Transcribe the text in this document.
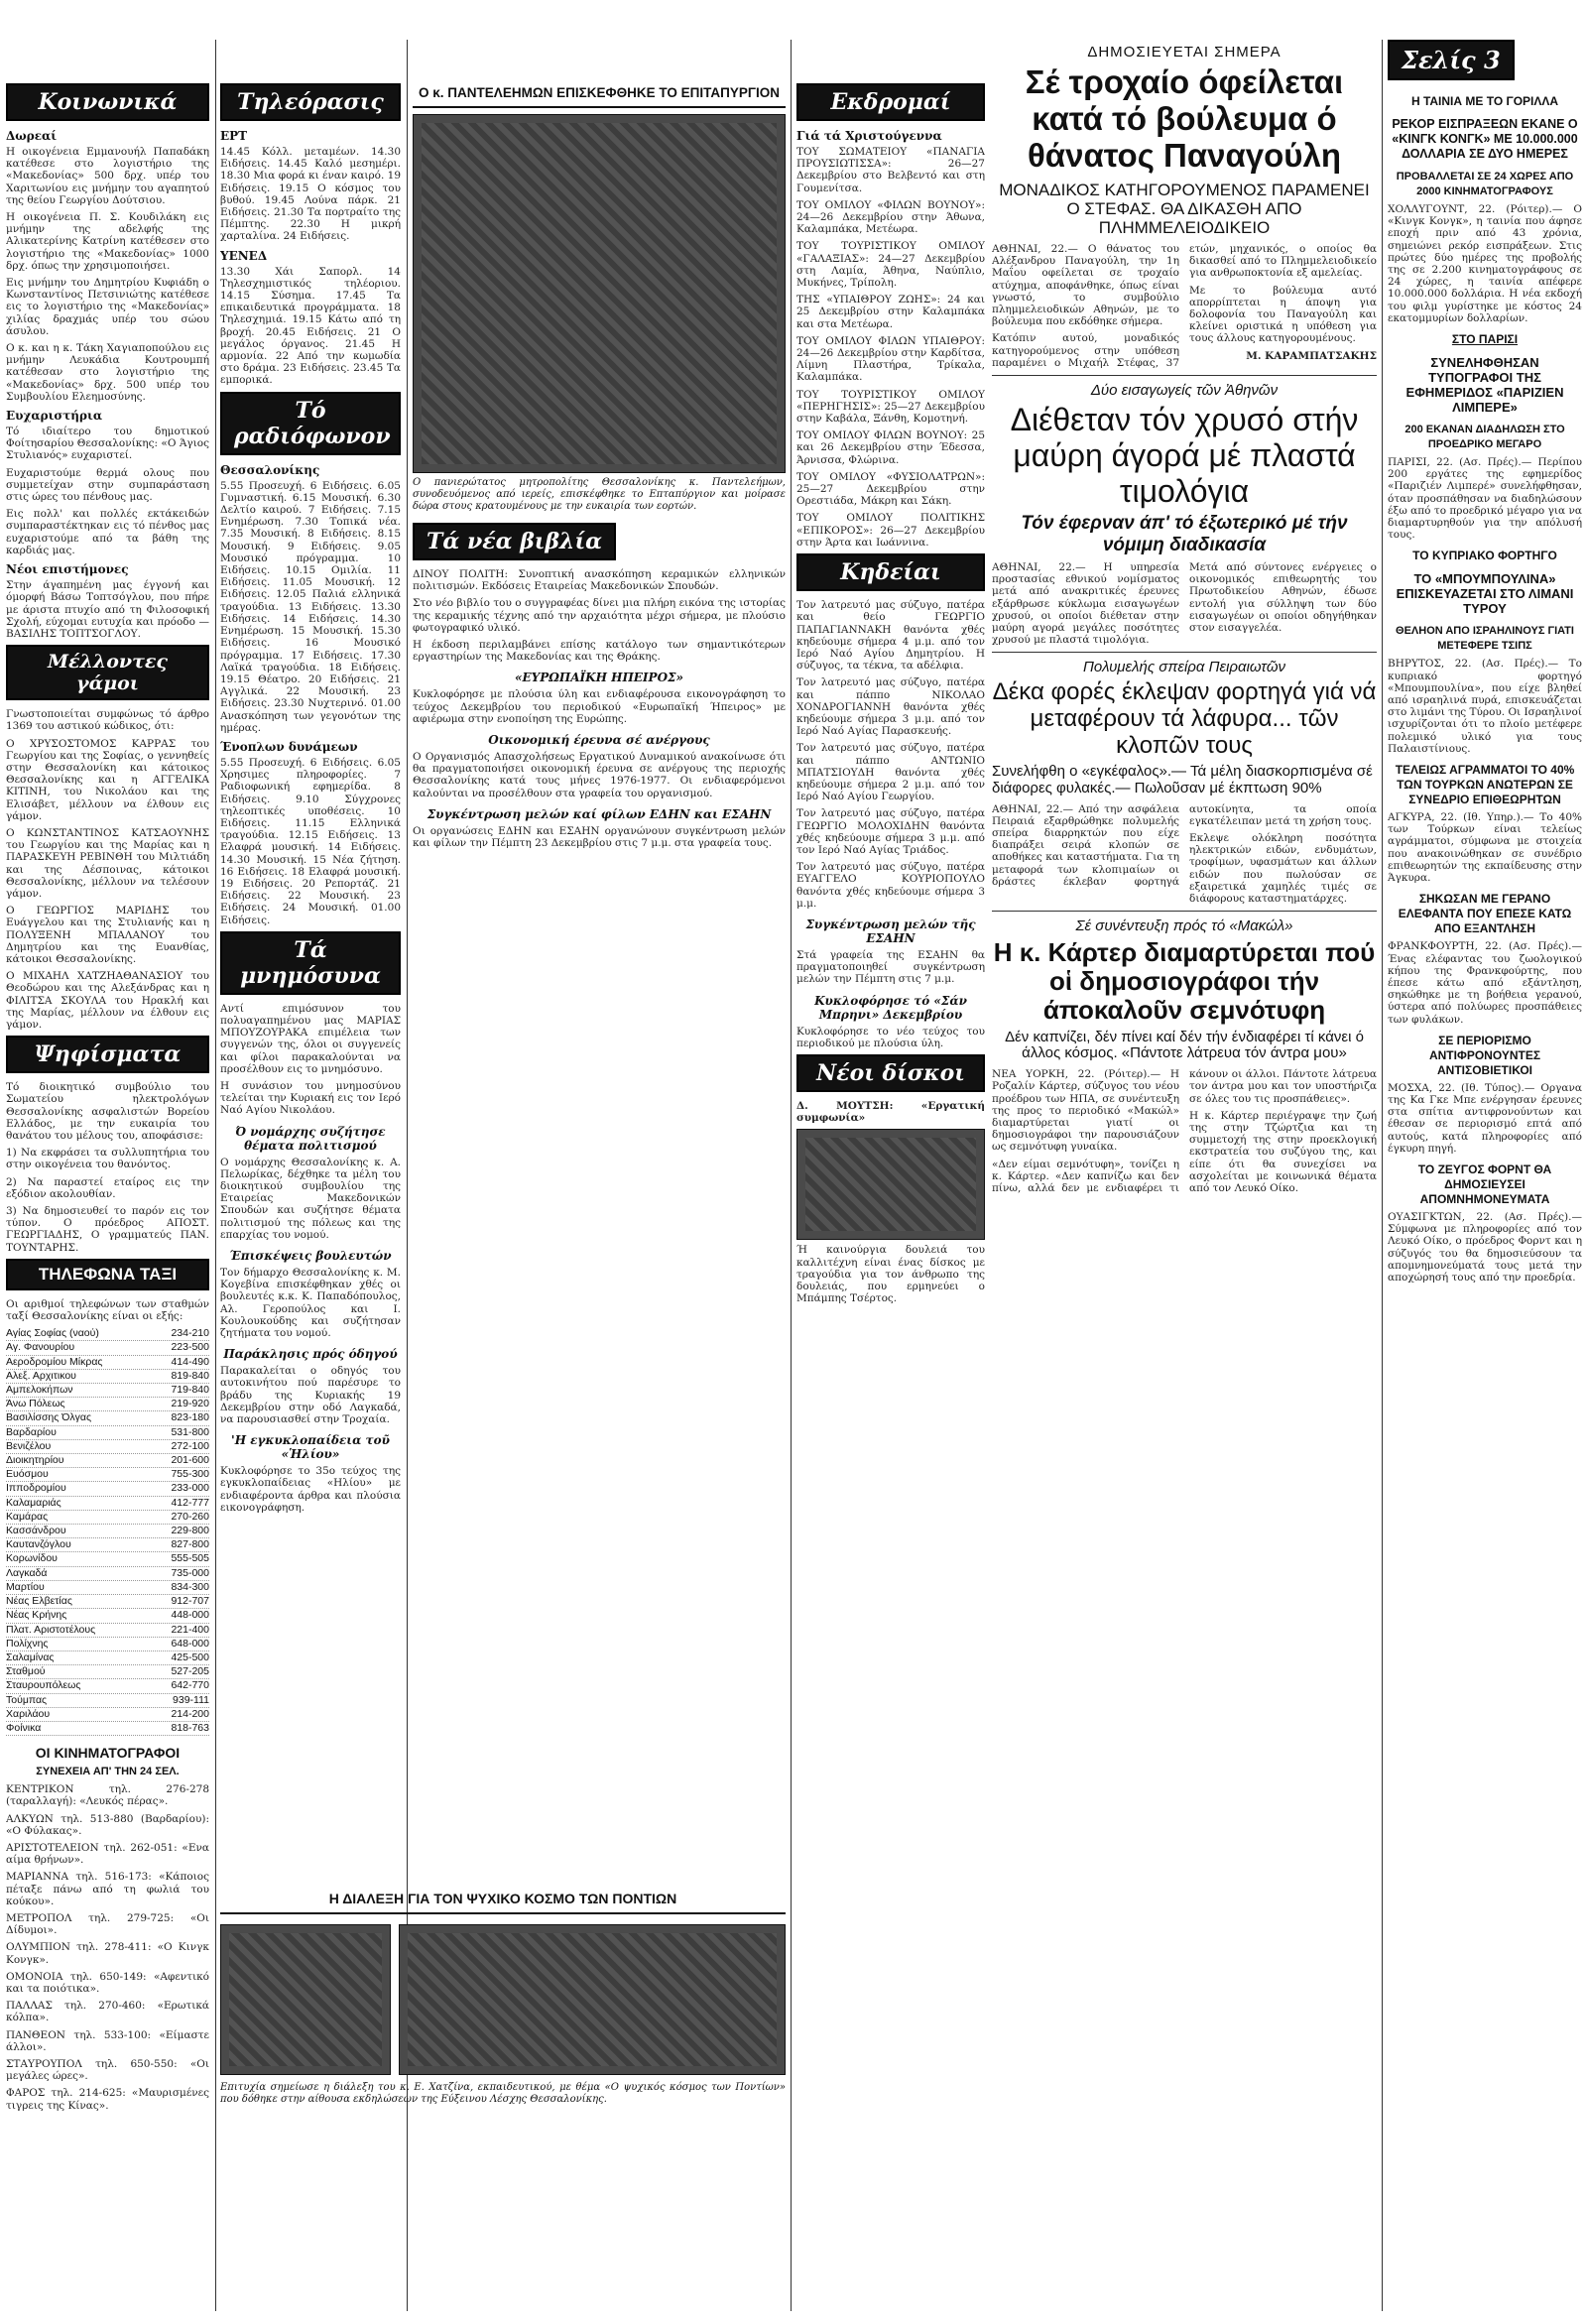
Κοινωνικά
Δωρεαί

Η οικογένεια Εμμανουήλ Παπαδάκη κατέθεσε στο λογιστήριο της «Μακεδονίας» 500 δρχ. υπέρ του Χαριτωνίου εις μνήμην του αγαπητού της θείου Γεωργίου Δούτσιου.

Η οικογένεια Π. Σ. Κουδιλάκη εις μνήμην της αδελφής της Αλικατερίνης Κατρίνη κατέθεσεν στο λογιστήριο της «Μακεδονίας» 1000 δρχ. όπως την χρησιμοποιήσει.

Εις μνήμην του Δημητρίου Κυφιάδη ο Κωνσταντίνος Πετσινιώτης κατέθεσε εις το λογιστήριο της «Μακεδονίας» χιλίας δραχμάς υπέρ του σώου άσυλου.

Ο κ. και η κ. Τάκη Χαγιαποπούλου εις μνήμην Λευκάδια Κουτρουμπή κατέθεσαν στο λογιστήριο της «Μακεδονίας» δρχ. 500 υπέρ του Συμβουλίου Ελεημοσύνης.

Ευχαριστήρια

Τό ιδιαίτερο του δημοτικού Φοίτησαρίου Θεσσαλονίκης: «Ο Άγιος Στυλιανός» ευχαριστεί.

Ευχαριστούμε θερμά ολους που συμμετείχαν στην συμπαράσταση στις ώρες του πένθους μας.

Εις πολλ' και πολλές εκτάκειδών συμπαραστέκτηκαν εις τό πένθος μας ευχαριστούμε από τα βάθη της καρδιάς μας.

Νέοι επιστήμονες

Στην άγαπημένη μας έγγονή και όμορφή Βάσω Τοπτσόγλου, που πήρε με άριστα πτυχίο από τη Φιλοσοφική Σχολή, εύχομαι ευτυχία και πρόοδο — ΒΑΣΙΛΗΣ ΤΟΠΤΣΟΓΛΟΥ.

Μέλλοντες γάμοι

Γνωστοποιείται συμφώνως τό άρθρο 1369 του αστικού κώδικος, ότι:

Ο ΧΡΥΣΟΣΤΟΜΟΣ ΚΑΡΡΑΣ του Γεωργίου και της Σοφίας, ο γεννηθείς στην Θεσσαλονίκη και κάτοικος Θεσσαλονίκης και η ΑΓΓΕΛΙΚΑ ΚΙΤΙΝΗ, του Νικολάου και της Ελισάβετ, μέλλουν να έλθουν εις γάμον.

Ο ΚΩΝΣΤΑΝΤΙΝΟΣ ΚΑΤΣΑΟΥΝΗΣ του Γεωργίου και της Μαρίας και η ΠΑΡΑΣΚΕΥΗ ΡΕΒΙΝΘΗ του Μιλτιάδη και της Δέσποινας, κάτοικοι Θεσσαλονίκης, μέλλουν να τελέσουν γάμον.

Ο ΓΕΩΡΓΙΟΣ ΜΑΡΙΔΗΣ του Ευάγγελου και της Στυλιανής και η ΠΟΛΥΞΕΝΗ ΜΠΑΛΑΝΟΥ του Δημητρίου και της Ευανθίας, κάτοικοι Θεσσαλονίκης.

Ο ΜΙΧΑΗΛ ΧΑΤΖΗΑΘΑΝΑΣΙΟΥ του Θεοδώρου και της Αλεξάνδρας και η ΦΙΛΙΤΣΑ ΣΚΟΥΛΑ του Ηρακλή και της Μαρίας, μέλλουν να έλθουν εις γάμον.

Ψηφίσματα

Τό διοικητικό συμβούλιο του Σωματείου ηλεκτρολόγων Θεσσαλονίκης ασφαλιστών Βορείου Ελλάδος, με την ευκαιρία του θανάτου του μέλους του, αποφάσισε:

1) Να εκφράσει τα συλλυπητήρια του στην οικογένεια του θανόντος.

2) Να παραστεί εταίρος εις την εξόδιον ακολουθίαν.

3) Να δημοσιευθεί το παρόν εις τον τύπον. Ο πρόεδρος ΑΠΟΣΤ. ΓΕΩΡΓΙΑΔΗΣ, Ο γραμματεύς ΠΑΝ. ΤΟΥΝΤΑΡΗΣ.

ΤΗΛΕΦΩΝΑ ΤΑΞΙ

Οι αριθμοί τηλεφώνων των σταθμών ταξί Θεσσαλονίκης είναι οι εξής:

Αγίας Σοφίας (ναού)	234-210
Αγ. Φανουρίου	223-500
Αεροδρομίου Μίκρας	414-490
Αλεξ. Αρχιτικου	819-840
Αμπελοκήπων	719-840
Άνω Πόλεως	219-920
Βασιλίσσης Όλγας	823-180
Βαρδαρίου	531-800
Βενιζέλου	272-100
Διοικητηρίου	201-600
Ευόσμου	755-300
Ιπποδρομίου	233-000
Καλαμαριάς	412-777
Καμάρας	270-260
Κασσάνδρου	229-800
Καυτανζόγλου	827-800
Κορωνίδου	555-505
Λαγκαδά	735-000
Μαρτίου	834-300
Νέας Ελβετίας	912-707
Νέας Κρήνης	448-000
Πλατ. Αριστοτέλους	221-400
Πολίχνης	648-000
Σαλαμίνας	425-500
Σταθμού	527-205
Σταυρουπόλεως	642-770
Τούμπας	939-111
Χαριλάου	214-200
Φοίνικα	818-763
ΟΙ ΚΙΝΗΜΑΤΟΓΡΑΦΟΙ
ΣΥΝΕΧΕΙΑ ΑΠ' ΤΗΝ 24 ΣΕΛ.

ΚΕΝΤΡΙΚΟΝ τηλ. 276-278 (ταραλλαγή): «Λευκός πέρας».

ΑΛΚΥΩΝ τηλ. 513-880 (Βαρδαρίου): «Ο Φύλακας».

ΑΡΙΣΤΟΤΕΛΕΙΟΝ τηλ. 262-051: «Ενα αίμα θρήνων».

ΜΑΡΙΑΝΝΑ τηλ. 516-173: «Κάποιος πέταξε πάνω από τη φωλιά του κούκου».

ΜΕΤΡΟΠΟΛ τηλ. 279-725: «Οι Δίδυμοι».

ΟΛΥΜΠΙΟΝ τηλ. 278-411: «Ο Κινγκ Κονγκ».

ΟΜΟΝΟΙΑ τηλ. 650-149: «Αφεντικό και τα ποιότικα».

ΠΑΛΛΑΣ τηλ. 270-460: «Ερωτικά κόλπα».

ΠΑΝΘΕΟΝ τηλ. 533-100: «Είμαστε άλλοι».

ΣΤΑΥΡΟΥΠΟΛ τηλ. 650-550: «Οι μεγάλες ώρες».

ΦΑΡΟΣ τηλ. 214-625: «Μαυρισμένες τιγρεις της Κίνας».

Τηλεόρασις
ΕΡΤ

14.45 Κόλλ. μεταμέων. 14.30 Ειδήσεις. 14.45 Καλό μεσημέρι. 18.30 Μια φορά κι έναν καιρό. 19 Ειδήσεις. 19.15 Ο κόσμος του βυθού. 19.45 Λούνα πάρκ. 21 Ειδήσεις. 21.30 Τα πορτραίτο της Πέμπτης. 22.30 Η μικρή χαρταλίνα. 24 Ειδήσεις.

ΥΕΝΕΔ

13.30 Χάι Σαπορλ. 14 Τηλεσχημιστικός τηλέοριου. 14.15 Σύσημα. 17.45 Τα επικαιδευτικά προγράμματα. 18 Τηλεσχημιά. 19.15 Κάτω από τη βροχή. 20.45 Ειδήσεις. 21 Ο μεγάλος όργανος. 21.45 Η αρμονία. 22 Από την κωμωδία στο δράμα. 23 Ειδήσεις. 23.45 Τα εμπορικά.

Τό ραδιόφωνον
Θεσσαλονίκης

5.55 Προσευχή. 6 Ειδήσεις. 6.05 Γυμναστική. 6.15 Μουσική. 6.30 Δελτίο καιρού. 7 Ειδήσεις. 7.15 Ενημέρωση. 7.30 Τοπικά νέα. 7.35 Μουσική. 8 Ειδήσεις. 8.15 Μουσική. 9 Ειδήσεις. 9.05 Μουσικό πρόγραμμα. 10 Ειδήσεις. 10.15 Ομιλία. 11 Ειδήσεις. 11.05 Μουσική. 12 Ειδήσεις. 12.05 Παλιά ελληνικά τραγούδια. 13 Ειδήσεις. 13.30 Ειδήσεις. 14 Ειδήσεις. 14.30 Ενημέρωση. 15 Μουσική. 15.30 Ειδήσεις. 16 Μουσικό πρόγραμμα. 17 Ειδήσεις. 17.30 Λαϊκά τραγούδια. 18 Ειδήσεις. 19.15 Θέατρο. 20 Ειδήσεις. 21 Αγγλικά. 22 Μουσική. 23 Ειδήσεις. 23.30 Νυχτερινό. 01.00 Ανασκόπηση των γεγονότων της ημέρας.

Ένοπλων δυνάμεων

5.55 Προσευχή. 6 Ειδήσεις. 6.05 Χρησιμες πληροφορίες. 7 Ραδιοφωνική εφημερίδα. 8 Ειδήσεις. 9.10 Σύγχρονες τηλεοπτικές υποθέσεις. 10 Ειδήσεις. 11.15 Ελληνικά τραγούδια. 12.15 Ειδήσεις. 13 Ελαφρά μουσική. 14 Ειδήσεις. 14.30 Μουσική. 15 Νέα ζήτηση. 16 Ειδήσεις. 18 Ελαφρά μουσική. 19 Ειδήσεις. 20 Ρεπορτάζ. 21 Ειδήσεις. 22 Μουσική. 23 Ειδήσεις. 24 Μουσική. 01.00 Ειδήσεις.

Τά μνημόσυνα

Αντί επιμόσυνον του πολυαγαπημένου μας ΜΑΡΙΑΣ ΜΠΟΥΖΟΥΡΑΚΑ επιμέλεια των συγγενών της, όλοι οι συγγενείς και φίλοι παρακαλούνται να προσέλθουν εις το μνημόσυνο.

Η συνάσιον του μνημοσύνου τελείται την Κυριακή εις τον Ιερό Ναό Αγίου Νικολάου.

Ό νομάρχης συζήτησε θέματα πολιτισμού

Ο νομάρχης Θεσσαλονίκης κ. Α. Πελωρίκας, δέχθηκε τα μέλη του διοικητικού συμβουλίου της Εταιρείας Μακεδονικών Σπουδών και συζήτησε θέματα πολιτισμού της πόλεως και της επαρχίας του νομού.

Έπισκέψεις βουλευτών

Τον δήμαρχο Θεσσαλονίκης κ. Μ. Κογεβίνα επισκέφθηκαν χθές οι βουλευτές κ.κ. Κ. Παπαδόπουλος, Αλ. Γεροπούλος και Ι. Κουλουκούδης και συζήτησαν ζητήματα του νομού.

Παράκλησις πρός όδηγού

Παρακαλείται ο οδηγός του αυτοκινήτου πού παρέσυρε το βράδυ της Κυριακής 19 Δεκεμβρίου στην οδό Λαγκαδά, να παρουσιασθεί στην Τροχαία.

'Η εγκυκλοπαίδεια τοῦ «Ἡλίου»

Κυκλοφόρησε το 35ο τεύχος της εγκυκλοπαίδειας «Ηλίου» με ενδιαφέροντα άρθρα και πλούσια εικονογράφηση.

Ο κ. ΠΑΝΤΕΛΕΗΜΩΝ ΕΠΙΣΚΕΦΘΗΚΕ ΤΟ ΕΠΙΤΑΠΥΡΓΙΟΝ
Ο πανιερώτατος μητροπολίτης Θεσσαλονίκης κ. Παντελεήμων, συνοδευόμενος από ιερείς, επισκέφθηκε το Επταπύργιον και μοίρασε δώρα στους κρατουμένους με την ευκαιρία των εορτών.
Τά νέα βιβλία

ΔΙΝΟΥ ΠΟΛΙΤΗ: Συνοπτική ανασκόπηση κεραμικών ελληνικών πολιτισμών. Εκδόσεις Εταιρείας Μακεδονικών Σπουδών.

Στο νέο βιβλίο του ο συγγραφέας δίνει μια πλήρη εικόνα της ιστορίας της κεραμικής τέχνης από την αρχαιότητα μέχρι σήμερα, με πλούσιο φωτογραφικό υλικό.

Η έκδοση περιλαμβάνει επίσης κατάλογο των σημαντικότερων εργαστηρίων της Μακεδονίας και της Θράκης.

«ΕΥΡΩΠΑΪΚΗ ΗΠΕΙΡΟΣ»

Κυκλοφόρησε με πλούσια ύλη και ενδιαφέρουσα εικονογράφηση το τεύχος Δεκεμβρίου του περιοδικού «Ευρωπαϊκή Ήπειρος» με αφιέρωμα στην ενοποίηση της Ευρώπης.

Οικονομική έρευνα σέ ανέργους

Ο Οργανισμός Απασχολήσεως Εργατικού Δυναμικού ανακοίνωσε ότι θα πραγματοποιήσει οικονομική έρευνα σε ανέργους της περιοχής Θεσσαλονίκης κατά τους μήνες 1976-1977. Οι ενδιαφερόμενοι καλούνται να προσέλθουν στα γραφεία του οργανισμού.

Συγκέντρωση μελών καί φίλων ΕΔΗΝ και ΕΣΑΗΝ

Οι οργανώσεις ΕΔΗΝ και ΕΣΑΗΝ οργανώνουν συγκέντρωση μελών και φίλων την Πέμπτη 23 Δεκεμβρίου στις 7 μ.μ. στα γραφεία τους.

Η ΔΙΑΛΕΞΗ ΓΙΑ ΤΟΝ ΨΥΧΙΚΟ ΚΟΣΜΟ ΤΩΝ ΠΟΝΤΙΩΝ
Επιτυχία σημείωσε η διάλεξη του κ. Ε. Χατζίνα, εκπαιδευτικού, με θέμα «Ο ψυχικός κόσμος των Ποντίων» που δόθηκε στην αίθουσα εκδηλώσεων της Εύξεινου Λέσχης Θεσσαλονίκης.
Εκδρομαί
Γιά τά Χριστούγεννα

ΤΟΥ ΣΩΜΑΤΕΙΟΥ «ΠΑΝΑΓΙΑ ΠΡΟΥΣΙΩΤΙΣΣΑ»: 26—27 Δεκεμβρίου στο Βελβεντό και στη Γουμενίτσα.

ΤΟΥ ΟΜΙΛΟΥ «ΦΙΛΩΝ ΒΟΥΝΟΥ»: 24—26 Δεκεμβρίου στην Άθωνα, Καλαμπάκα, Μετέωρα.

ΤΟΥ ΤΟΥΡΙΣΤΙΚΟΥ ΟΜΙΛΟΥ «ΓΑΛΑΞΙΑΣ»: 24—27 Δεκεμβρίου στη Λαμία, Άθηνα, Ναύπλιο, Μυκήνες, Τρίπολη.

ΤΗΣ «ΥΠΑΙΘΡΟΥ ΖΩΗΣ»: 24 και 25 Δεκεμβρίου στην Καλαμπάκα και στα Μετέωρα.

ΤΟΥ ΟΜΙΛΟΥ ΦΙΛΩΝ ΥΠΑΙΘΡΟΥ: 24—26 Δεκεμβρίου στην Καρδίτσα, Λίμνη Πλαστήρα, Τρίκαλα, Καλαμπάκα.

ΤΟΥ ΤΟΥΡΙΣΤΙΚΟΥ ΟΜΙΛΟΥ «ΠΕΡΗΓΗΣΙΣ»: 25—27 Δεκεμβρίου στην Καβάλα, Ξάνθη, Κομοτηνή.

ΤΟΥ ΟΜΙΛΟΥ ΦΙΛΩΝ ΒΟΥΝΟΥ: 25 και 26 Δεκεμβρίου στην Έδεσσα, Άρνισσα, Φλώρινα.

ΤΟΥ ΟΜΙΛΟΥ «ΦΥΣΙΟΛΑΤΡΩΝ»: 25—27 Δεκεμβρίου στην Ορεστιάδα, Μάκρη και Σάκη.

ΤΟΥ ΟΜΙΛΟΥ ΠΟΛΙΤΙΚΗΣ «ΕΠΙΚΟΡΟΣ»: 26—27 Δεκεμβρίου στην Άρτα και Ιωάννινα.

Κηδείαι

Τον λατρευτό μας σύζυγο, πατέρα και θείο ΓΕΩΡΓΙΟ ΠΑΠΑΓΙΑΝΝΑΚΗ θανόντα χθές κηδεύουμε σήμερα 4 μ.μ. από τον Ιερό Ναό Αγίου Δημητρίου. Η σύζυγος, τα τέκνα, τα αδέλφια.

Τον λατρευτό μας σύζυγο, πατέρα και πάππο ΝΙΚΟΛΑΟ ΧΟΝΔΡΟΓΙΑΝΝΗ θανόντα χθές κηδεύουμε σήμερα 3 μ.μ. από τον Ιερό Ναό Αγίας Παρασκευής.

Τον λατρευτό μας σύζυγο, πατέρα και πάππο ΑΝΤΩΝΙΟ ΜΠΑΤΣΙΟΥΔΗ θανόντα χθές κηδεύουμε σήμερα 2 μ.μ. από τον Ιερό Ναό Αγίου Γεωργίου.

Τον λατρευτό μας σύζυγο, πατέρα ΓΕΩΡΓΙΟ ΜΟΛΟΧΙΔΗΝ θανόντα χθές κηδεύουμε σήμερα 3 μ.μ. από τον Ιερό Ναό Αγίας Τριάδος.

Τον λατρευτό μας σύζυγο, πατέρα ΕΥΑΓΓΕΛΟ ΚΟΥΡΙΟΠΟΥΛΟ θανόντα χθές κηδεύουμε σήμερα 3 μ.μ.

Συγκέντρωση μελών τῆς ΕΣΑΗΝ

Στά γραφεία της ΕΣΑΗΝ θα πραγματοποιηθεί συγκέντρωση μελών την Πέμπτη στις 7 μ.μ.

Κυκλοφόρησε τό «Σάν Μπρηνι» Δεκεμβρίου

Κυκλοφόρησε το νέο τεύχος του περιοδικού με πλούσια ύλη.

Νέοι δίσκοι

Δ. ΜΟΥΤΣΗ: «Εργατική συμφωνία»

Ή καινούργια δουλειά του καλλιτέχνη είναι ένας δίσκος με τραγούδια για τον άνθρωπο της δουλειάς, που ερμηνεύει ο Μπάμπης Τσέρτος.

ΔΗΜΟΣΙΕΥΕΤΑΙ ΣΗΜΕΡΑ
Σέ τροχαίο όφείλεται κατά τό βούλευμα ό θάνατος Παναγούλη
ΜΟΝΑΔΙΚΟΣ ΚΑΤΗΓΟΡΟΥΜΕΝΟΣ ΠΑΡΑΜΕΝΕΙ Ο ΣΤΕΦΑΣ. ΘΑ ΔΙΚΑΣΘΗ ΑΠΟ ΠΛΗΜΜΕΛΕΙΟΔΙΚΕΙΟ

ΑΘΗΝΑΙ, 22.— Ο θάνατος του Αλέξανδρου Παναγούλη, την 1η Μαΐου οφείλεται σε τροχαίο ατύχημα, αποφάνθηκε, όπως είναι γνωστό, το συμβούλιο πλημμελειοδικών Αθηνών, με το βούλευμα που εκδόθηκε σήμερα.

Κατόπιν αυτού, μοναδικός κατηγορούμενος στην υπόθεση παραμένει ο Μιχαήλ Στέφας, 37 ετών, μηχανικός, ο οποίος θα δικασθεί από το Πλημμελειοδικείο για ανθρωποκτονία εξ αμελείας.

Με το βούλευμα αυτό απορρίπτεται η άποψη για δολοφονία του Παναγούλη και κλείνει οριστικά η υπόθεση για τους άλλους κατηγορουμένους.

Μ. ΚΑΡΑΜΠΑΤΣΑΚΗΣ

Δύο εισαγωγείς τῶν Ἀθηνῶν
Διέθεταν τόν χρυσό στήν μαύρη άγορά μέ πλαστά τιμολόγια
Τόν έφερναν άπ' τό έξωτερικό μέ τήν νόμιμη διαδικασία

ΑΘΗΝΑΙ, 22.— Η υπηρεσία προστασίας εθνικού νομίσματος μετά από ανακριτικές έρευνες εξάρθρωσε κύκλωμα εισαγωγέων χρυσού, οι οποίοι διέθεταν στην μαύρη αγορά μεγάλες ποσότητες χρυσού με πλαστά τιμολόγια.

Μετά από σύντονες ενέργειες ο οικονομικός επιθεωρητής του Πρωτοδικείου Αθηνών, έδωσε εντολή για σύλληψη των δύο εισαγωγέων οι οποίοι οδηγήθηκαν στον εισαγγελέα.

Πολυμελής σπείρα Πειραιωτῶν
Δέκα φορές έκλεψαν φορτηγά γιά νά μεταφέρουν τά λάφυρα... τῶν κλοπῶν τους
Συνελήφθη ο «εγκέφαλος».— Τά μέλη διασκορπισμένα σέ διάφορες φυλακές.— Πωλοῦσαν μέ έκπτωση 90%

ΑΘΗΝΑΙ, 22.— Από την ασφάλεια Πειραιά εξαρθρώθηκε πολυμελής σπείρα διαρρηκτών που είχε διαπράξει σειρά κλοπών σε αποθήκες και καταστήματα. Για τη μεταφορά των κλοπιμαίων οι δράστες έκλεβαν φορτηγά αυτοκίνητα, τα οποία εγκατέλειπαν μετά τη χρήση τους.

Εκλεψε ολόκληρη ποσότητα ηλεκτρικών ειδών, ενδυμάτων, τροφίμων, υφασμάτων και άλλων ειδών που πωλούσαν σε εξαιρετικά χαμηλές τιμές σε διάφορους καταστηματάρχες.

Σέ συνέντευξη πρός τό «Μακώλ»
Η κ. Κάρτερ διαμαρτύρεται πού οἱ δημοσιογράφοι τήν άποκαλοῦν σεμνότυφη
Δέν καπνίζει, δέν πίνει καί δέν τήν ένδιαφέρει τί κάνει ό άλλος κόσμος. «Πάντοτε λάτρευα τόν άντρα μου»

ΝΕΑ ΥΟΡΚΗ, 22. (Ρόιτερ).— Η Ροζαλίν Κάρτερ, σύζυγος του νέου προέδρου των ΗΠΑ, σε συνέντευξη της προς το περιοδικό «Μακώλ» διαμαρτύρεται γιατί οι δημοσιογράφοι την παρουσιάζουν ως σεμνότυφη γυναίκα.

«Δεν είμαι σεμνότυφη», τονίζει η κ. Κάρτερ. «Δεν καπνίζω και δεν πίνω, αλλά δεν με ενδιαφέρει τι κάνουν οι άλλοι. Πάντοτε λάτρευα τον άντρα μου και τον υποστήριζα σε όλες του τις προσπάθειες».

Η κ. Κάρτερ περιέγραψε την ζωή της στην Τζώρτζια και τη συμμετοχή της στην προεκλογική εκστρατεία του συζύγου της, και είπε ότι θα συνεχίσει να ασχολείται με κοινωνικά θέματα από τον Λευκό Οίκο.

Σελίς 3
Η ΤΑΙΝΙΑ ΜΕ ΤΟ ΓΟΡΙΛΛΑ
ΡΕΚΟΡ ΕΙΣΠΡΑΞΕΩΝ ΕΚΑΝΕ Ο «ΚΙΝΓΚ ΚΟΝΓΚ» ΜΕ 10.000.000 ΔΟΛΛΑΡΙΑ ΣΕ ΔΥΟ ΗΜΕΡΕΣ
ΠΡΟΒΑΛΛΕΤΑΙ ΣΕ 24 ΧΩΡΕΣ ΑΠΟ 2000 ΚΙΝΗΜΑΤΟΓΡΑΦΟΥΣ

ΧΟΛΛΥΓΟΥΝΤ, 22. (Ρόιτερ).— Ο «Κινγκ Κονγκ», η ταινία που άφησε εποχή πριν από 43 χρόνια, σημειώνει ρεκόρ εισπράξεων. Στις πρώτες δύο ημέρες της προβολής της σε 2.200 κινηματογράφους σε 24 χώρες, η ταινία απέφερε 10.000.000 δολλάρια. Η νέα εκδοχή του φιλμ γυρίστηκε με κόστος 24 εκατομμυρίων δολλαρίων.

ΣΤΟ ΠΑΡΙΣΙ
ΣΥΝΕΛΗΦΘΗΣΑΝ ΤΥΠΟΓΡΑΦΟΙ ΤΗΣ ΕΦΗΜΕΡΙΔΟΣ «ΠΑΡΙΖΙΕΝ ΛΙΜΠΕΡΕ»
200 ΕΚΑΝΑΝ ΔΙΑΔΗΛΩΣΗ ΣΤΟ ΠΡΟΕΔΡΙΚΟ ΜΕΓΑΡΟ

ΠΑΡΙΣΙ, 22. (Ασ. Πρές).— Περίπου 200 εργάτες της εφημερίδος «Παριζιέν Λιμπερέ» συνελήφθησαν, όταν προσπάθησαν να διαδηλώσουν έξω από το προεδρικό μέγαρο για να διαμαρτυρηθούν για την απόλυσή τους.

ΤΟ ΚΥΠΡΙΑΚΟ ΦΟΡΤΗΓΟ
ΤΟ «ΜΠΟΥΜΠΟΥΛΙΝΑ» ΕΠΙΣΚΕΥΑΖΕΤΑΙ ΣΤΟ ΛΙΜΑΝΙ ΤΥΡΟΥ
ΘΕΛΗΟΝ ΑΠΟ ΙΣΡΑΗΛΙΝΟΥΣ ΓΙΑΤΙ ΜΕΤΕΦΕΡΕ ΤΣΙΠΣ

ΒΗΡΥΤΟΣ, 22. (Ασ. Πρές).— Το κυπριακό φορτηγό «Μπουμπουλίνα», που είχε βληθεί από ισραηλινά πυρά, επισκευάζεται στο λιμάνι της Τύρου. Οι Ισραηλινοί ισχυρίζονται ότι το πλοίο μετέφερε πολεμικό υλικό για τους Παλαιστίνιους.

ΤΕΛΕΙΩΣ ΑΓΡΑΜΜΑΤΟΙ ΤΟ 40% ΤΩΝ ΤΟΥΡΚΩΝ ΑΝΩΤΕΡΩΝ ΣΕ ΣΥΝΕΔΡΙΟ ΕΠΙΘΕΩΡΗΤΩΝ

ΑΓΚΥΡΑ, 22. (Ιθ. Υπηρ.).— Το 40% των Τούρκων είναι τελείως αγράμματοι, σύμφωνα με στοιχεία που ανακοινώθηκαν σε συνέδριο επιθεωρητών της εκπαίδευσης στην Άγκυρα.

ΣΗΚΩΣΑΝ ΜΕ ΓΕΡΑΝΟ ΕΛΕΦΑΝΤΑ ΠΟΥ ΕΠΕΣΕ ΚΑΤΩ ΑΠΟ ΕΞΑΝΤΛΗΣΗ

ΦΡΑΝΚΦΟΥΡΤΗ, 22. (Ασ. Πρές).— Ένας ελέφαντας του ζωολογικού κήπου της Φρανκφούρτης, που έπεσε κάτω από εξάντληση, σηκώθηκε με τη βοήθεια γερανού, ύστερα από πολύωρες προσπάθειες των φυλάκων.

ΣΕ ΠΕΡΙΟΡΙΣΜΟ ΑΝΤΙΦΡΟΝΟΥΝΤΕΣ ΑΝΤΙΣΟΒΙΕΤΙΚΟΙ

ΜΟΣΧΑ, 22. (Ιθ. Τύπος).— Οργανα της Κα Γκε Μπε ενέργησαν έρευνες στα σπίτια αντιφρονούντων και έθεσαν σε περιορισμό επτά από αυτούς, κατά πληροφορίες από έγκυρη πηγή.

ΤΟ ΖΕΥΓΟΣ ΦΟΡΝΤ ΘΑ ΔΗΜΟΣΙΕΥΣΕΙ ΑΠΟΜΝΗΜΟΝΕΥΜΑΤΑ

ΟΥΑΣΙΓΚΤΩΝ, 22. (Ασ. Πρές).— Σύμφωνα με πληροφορίες από τον Λευκό Οίκο, ο πρόεδρος Φορντ και η σύζυγός του θα δημοσιεύσουν τα απομνημονεύματά τους μετά την αποχώρησή τους από την προεδρία.
